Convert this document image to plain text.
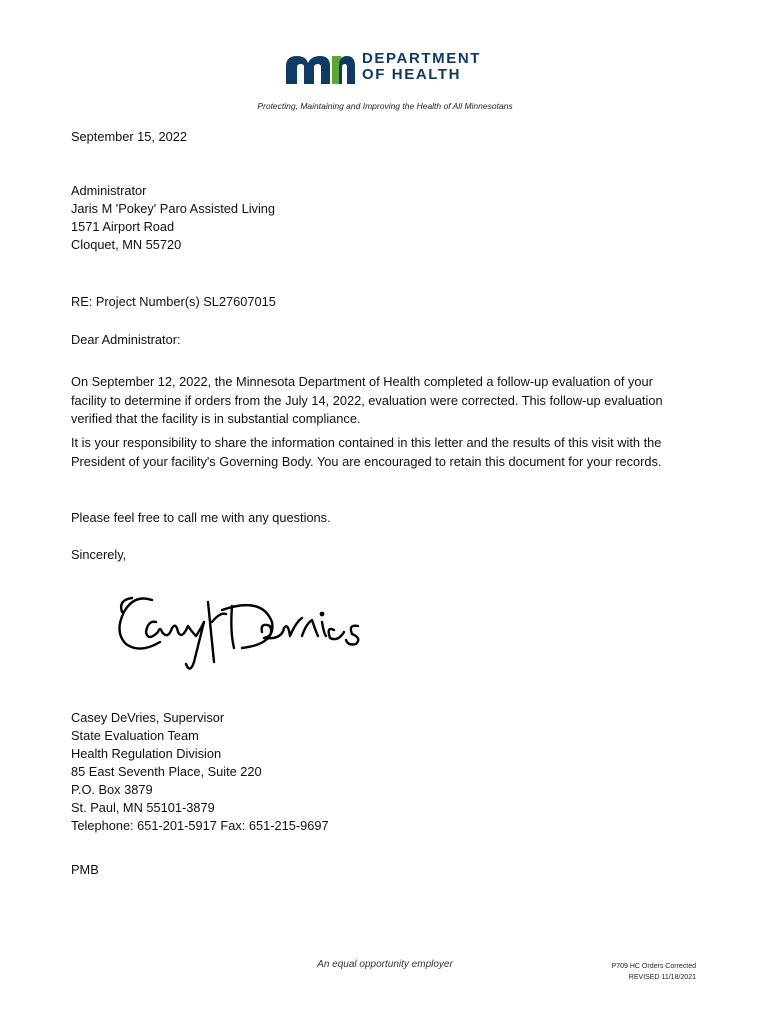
DEPARTMENT
OF HEALTH
Protecting, Maintaining and Improving the Health of All Minnesotans
September 15, 2022
Administrator
Jaris M 'Pokey' Paro Assisted Living
1571 Airport Road
Cloquet, MN 55720
RE: Project Number(s) SL27607015
Dear Administrator:
On September 12, 2022, the Minnesota Department of Health completed a follow-up evaluation of your facility to determine if orders from the July 14, 2022, evaluation were corrected. This follow-up evaluation verified that the facility is in substantial compliance.
It is your responsibility to share the information contained in this letter and the results of this visit with the President of your facility's Governing Body. You are encouraged to retain this document for your records.
Please feel free to call me with any questions.
Sincerely,
Casey DeVries, Supervisor
State Evaluation Team
Health Regulation Division
85 East Seventh Place, Suite 220
P.O. Box 3879
St. Paul, MN 55101-3879
Telephone: 651-201-5917 Fax: 651-215-9697
PMB
An equal opportunity employer	P709 HC Orders Corrected
REVISED 11/18/2021
